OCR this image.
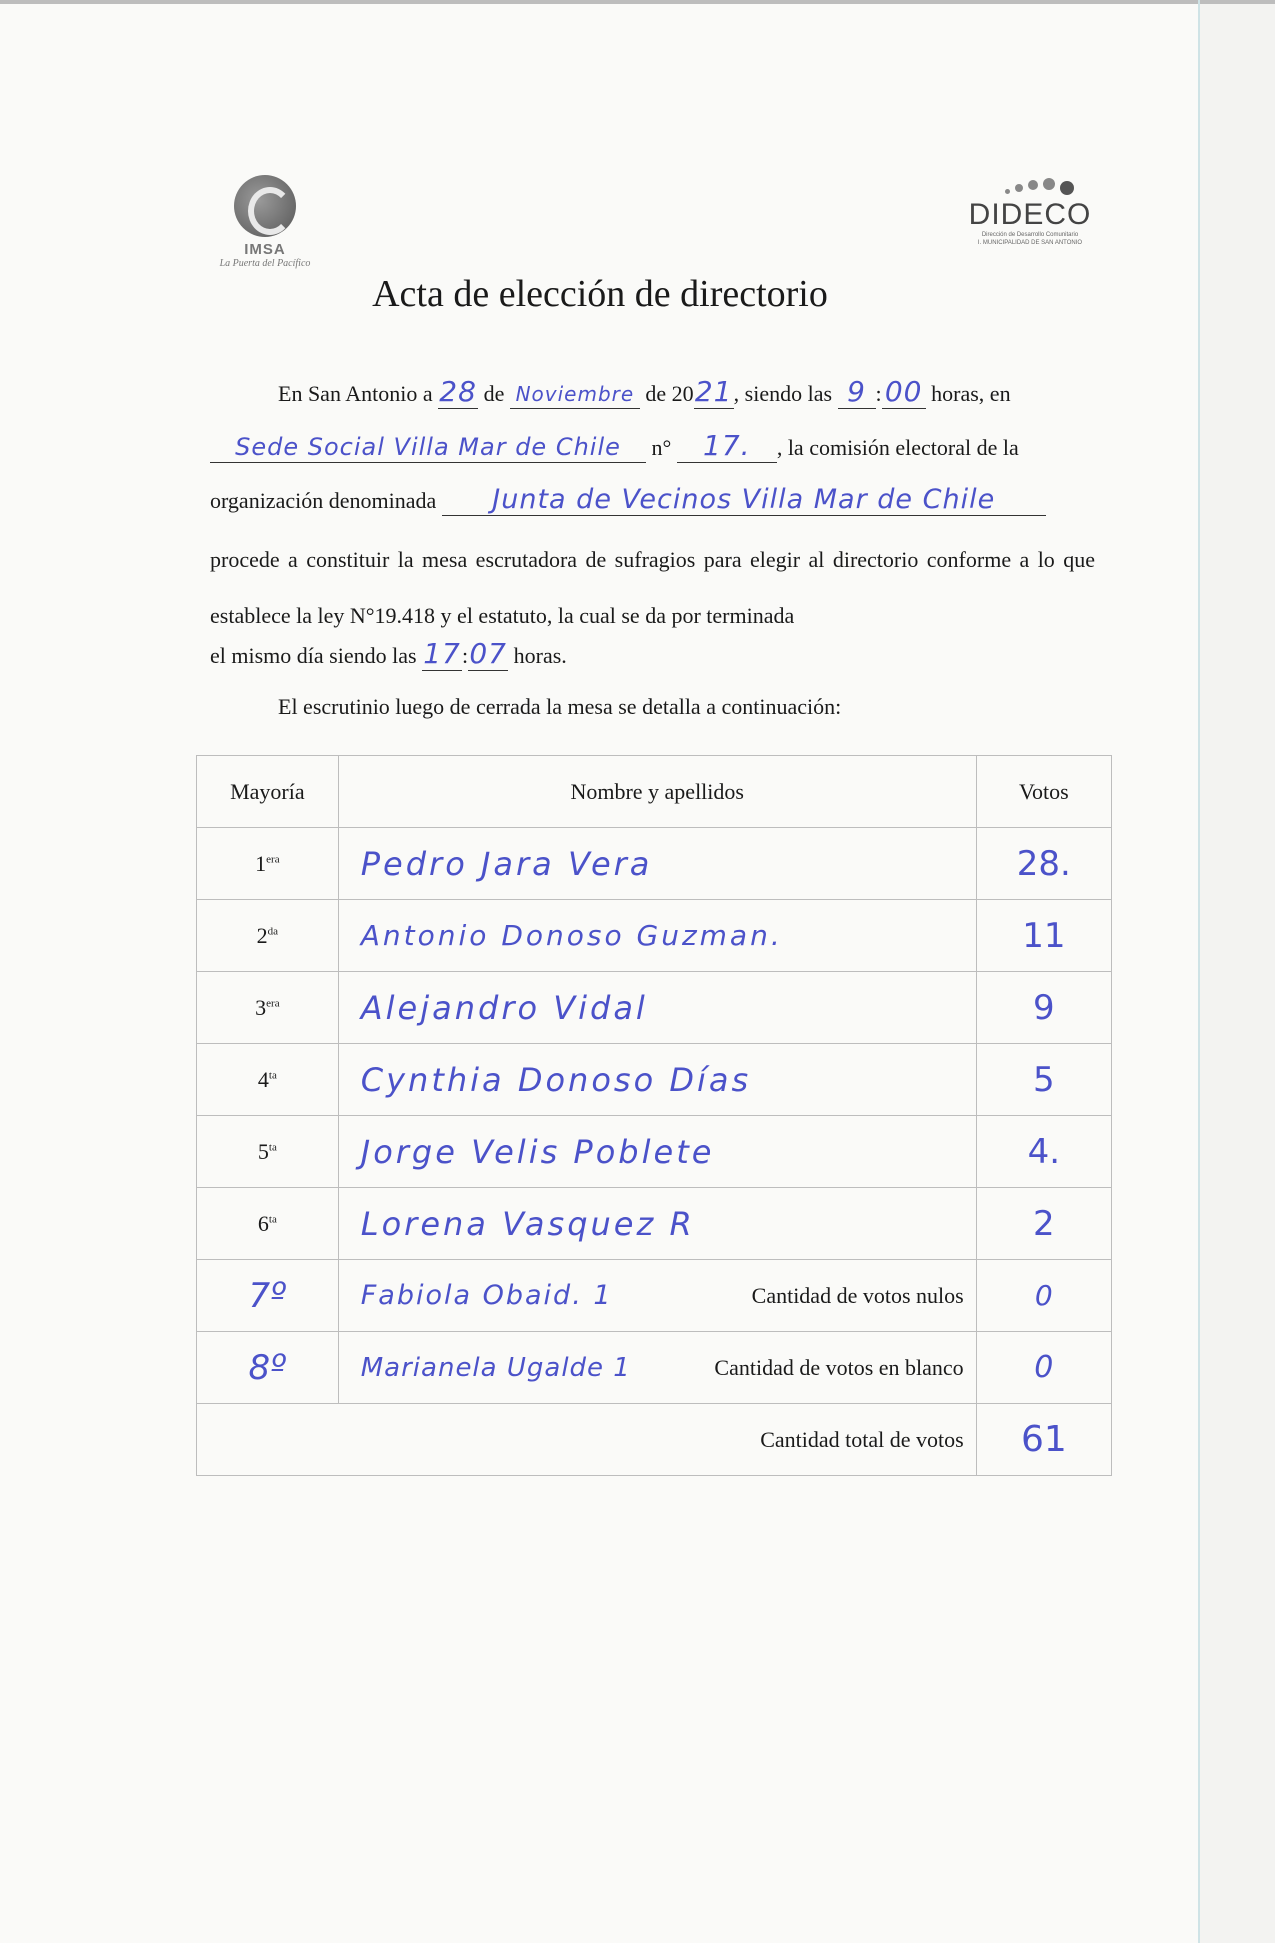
IMSA
La Puerta del Pacífico
DIDECO
Dirección de Desarrollo Comunitario
I. MUNICIPALIDAD DE SAN ANTONIO
Acta de elección de directorio
En San Antonio a 28 de Noviembre de 2021, siendo las 9 : 00 horas, en
Sede Social Villa Mar de Chile n° 17. , la comisión electoral de la
organización denominada Junta de Vecinos Villa Mar de Chile
procede a constituir la mesa escrutadora de sufragios para elegir al directorio conforme a lo que establece la ley N°19.418 y el estatuto, la cual se da por terminada
el mismo día siendo las 17:07 horas.
El escrutinio luego de cerrada la mesa se detalla a continuación:
Mayoría	Nombre y apellidos	Votos
$1^{era}$	Pedro Jara Vera	28.
$2^{da}$	Antonio Donoso Guzman.	11
$3^{era}$	Alejandro Vidal	9
$4^{ta}$	Cynthia Donoso Días	5
$5^{ta}$	Jorge Velis Poblete	4.
$6^{ta}$	Lorena Vasquez R	2
7º	Fabiola Obaid. 1 Cantidad de votos nulos	0
8º	Marianela Ugalde 1 Cantidad de votos en blanco	0
Cantidad total de votos		61
